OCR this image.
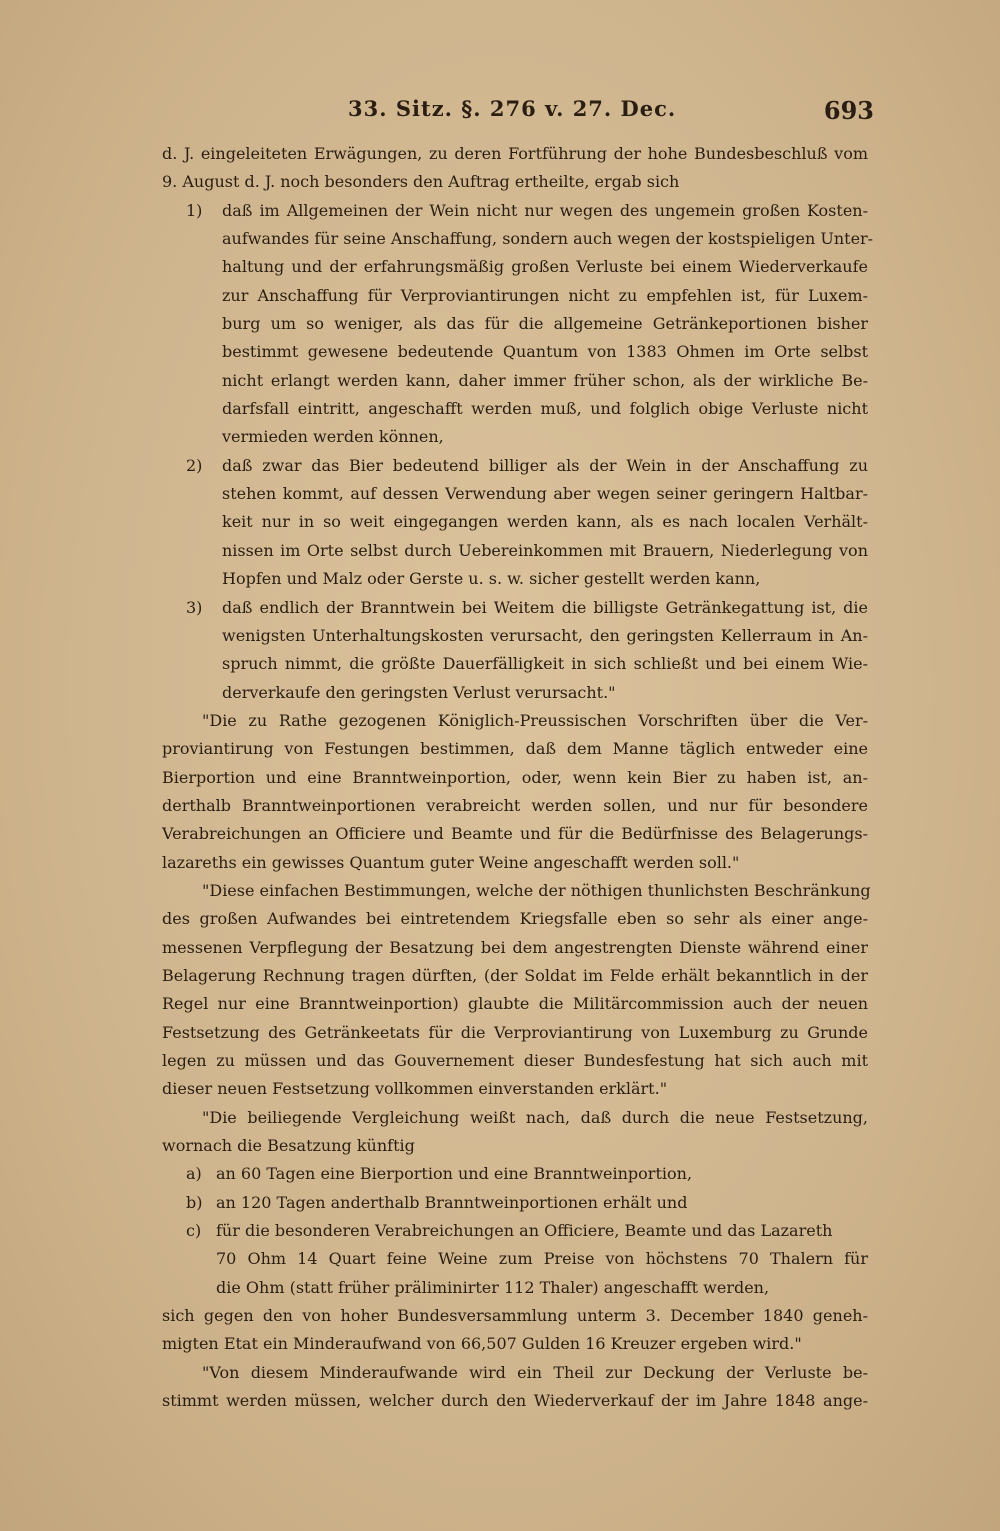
33. Sitz. §. 276 v. 27. Dec.	693
d. J. eingeleiteten Erwägungen, zu deren Fortführung der hohe Bundesbeschluß vom
9. August d. J. noch besonders den Auftrag ertheilte, ergab sich
1) daß im Allgemeinen der Wein nicht nur wegen des ungemein großen Kosten-
aufwandes für seine Anschaffung, sondern auch wegen der kostspieligen Unter-
haltung und der erfahrungsmäßig großen Verluste bei einem Wiederverkaufe
zur Anschaffung für Verproviantirungen nicht zu empfehlen ist, für Luxem-
burg um so weniger, als das für die allgemeine Getränkeportionen bisher
bestimmt gewesene bedeutende Quantum von 1383 Ohmen im Orte selbst
nicht erlangt werden kann, daher immer früher schon, als der wirkliche Be-
darfsfall eintritt, angeschafft werden muß, und folglich obige Verluste nicht
vermieden werden können,
2) daß zwar das Bier bedeutend billiger als der Wein in der Anschaffung zu
stehen kommt, auf dessen Verwendung aber wegen seiner geringern Haltbar-
keit nur in so weit eingegangen werden kann, als es nach localen Verhält-
nissen im Orte selbst durch Uebereinkommen mit Brauern, Niederlegung von
Hopfen und Malz oder Gerste u. s. w. sicher gestellt werden kann,
3) daß endlich der Branntwein bei Weitem die billigste Getränkegattung ist, die
wenigsten Unterhaltungskosten verursacht, den geringsten Kellerraum in An-
spruch nimmt, die größte Dauerfälligkeit in sich schließt und bei einem Wie-
derverkaufe den geringsten Verlust verursacht."
"Die zu Rathe gezogenen Königlich-Preussischen Vorschriften über die Ver-
proviantirung von Festungen bestimmen, daß dem Manne täglich entweder eine
Bierportion und eine Branntweinportion, oder, wenn kein Bier zu haben ist, an-
derthalb Branntweinportionen verabreicht werden sollen, und nur für besondere
Verabreichungen an Officiere und Beamte und für die Bedürfnisse des Belagerungs-
lazareths ein gewisses Quantum guter Weine angeschafft werden soll."
"Diese einfachen Bestimmungen, welche der nöthigen thunlichsten Beschränkung
des großen Aufwandes bei eintretendem Kriegsfalle eben so sehr als einer ange-
messenen Verpflegung der Besatzung bei dem angestrengten Dienste während einer
Belagerung Rechnung tragen dürften, (der Soldat im Felde erhält bekanntlich in der
Regel nur eine Branntweinportion) glaubte die Militärcommission auch der neuen
Festsetzung des Getränkeetats für die Verproviantirung von Luxemburg zu Grunde
legen zu müssen und das Gouvernement dieser Bundesfestung hat sich auch mit
dieser neuen Festsetzung vollkommen einverstanden erklärt."
"Die beiliegende Vergleichung weißt nach, daß durch die neue Festsetzung,
wornach die Besatzung künftig
a) an 60 Tagen eine Bierportion und eine Branntweinportion,
b) an 120 Tagen anderthalb Branntweinportionen erhält und
c) für die besonderen Verabreichungen an Officiere, Beamte und das Lazareth
70 Ohm 14 Quart feine Weine zum Preise von höchstens 70 Thalern für
die Ohm (statt früher präliminirter 112 Thaler) angeschafft werden,
sich gegen den von hoher Bundesversammlung unterm 3. December 1840 geneh-
migten Etat ein Minderaufwand von 66,507 Gulden 16 Kreuzer ergeben wird."
"Von diesem Minderaufwande wird ein Theil zur Deckung der Verluste be-
stimmt werden müssen, welcher durch den Wiederverkauf der im Jahre 1848 ange-
